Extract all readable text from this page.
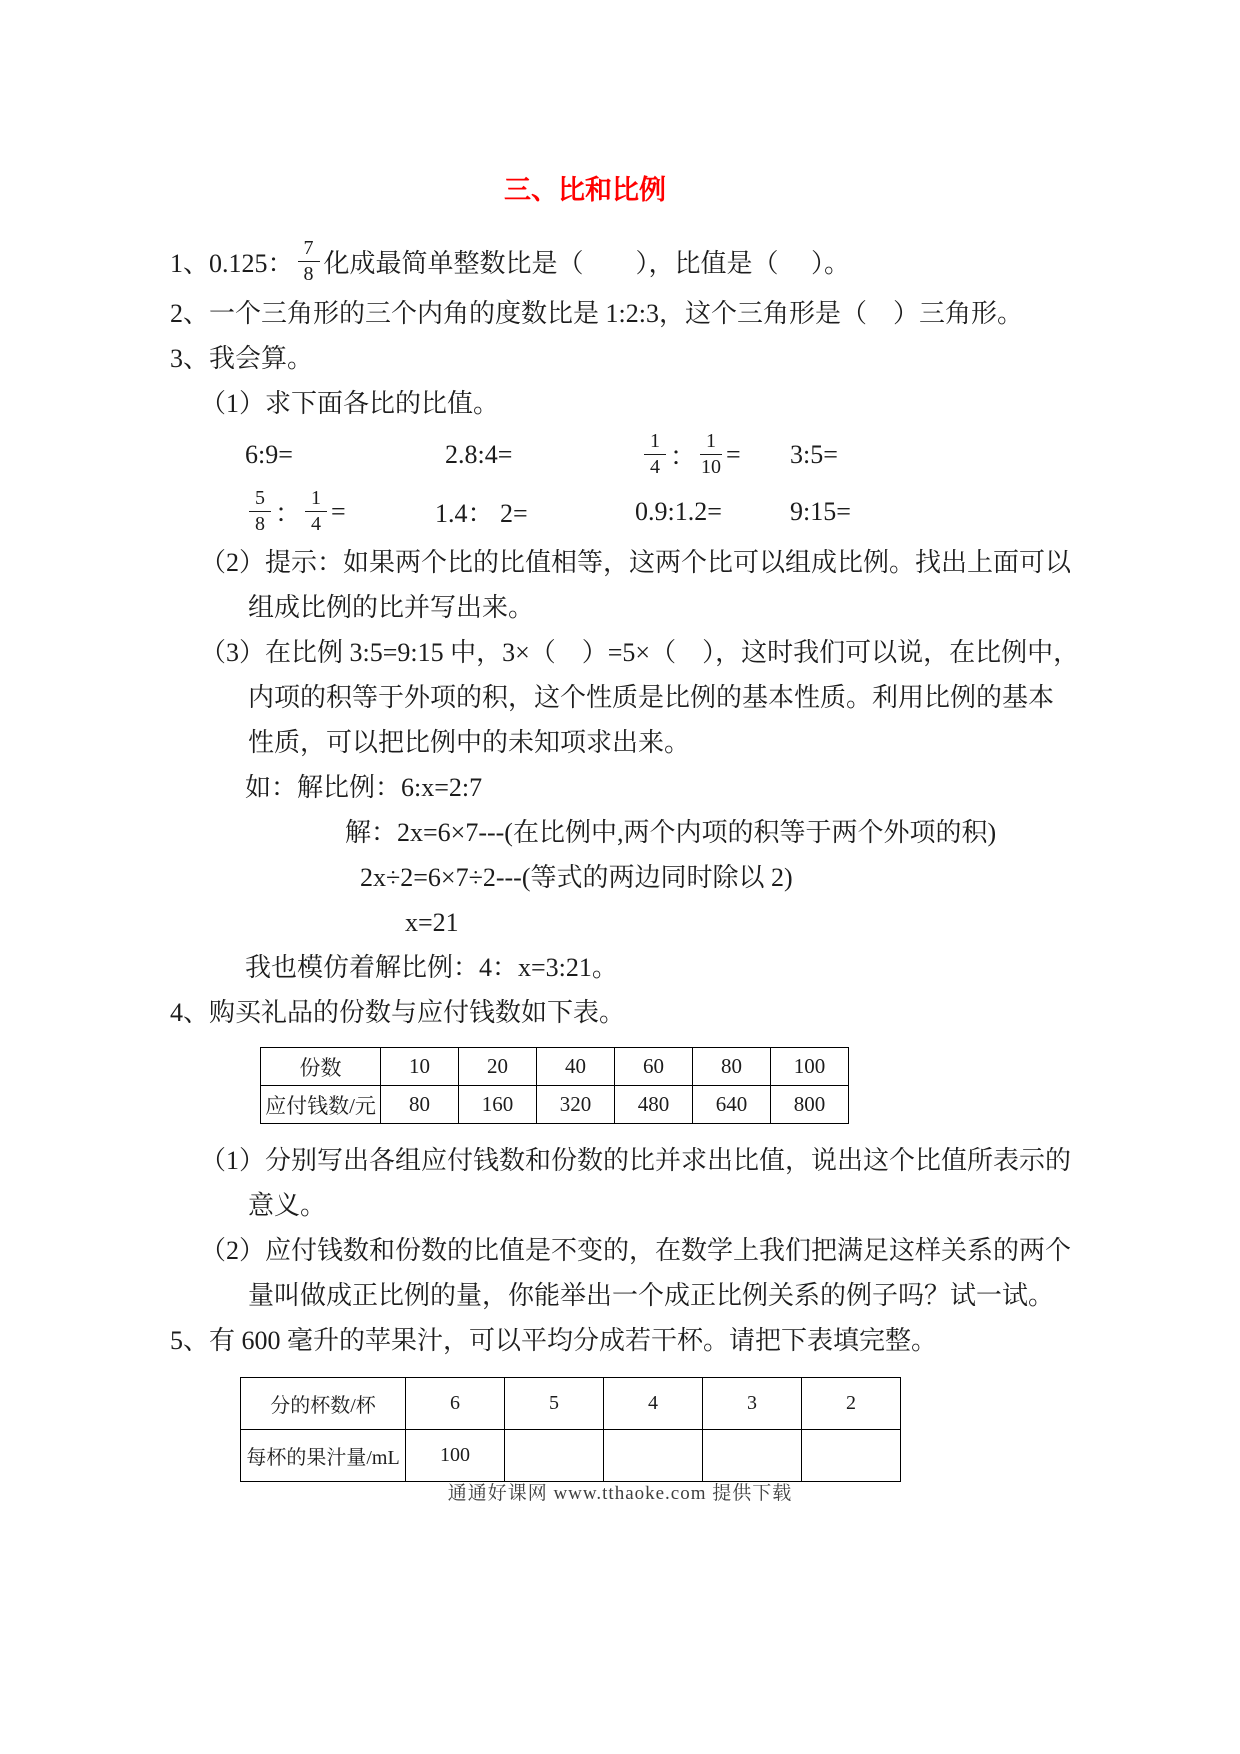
三、比和比例
1、0.125： $\frac{7}{8}$ 化成最简单整数比是（　　），比值是（　 ）。
2、一个三角形的三个内角的度数比是 1:2:3，这个三角形是（　）三角形。
3、我会算。
（1）求下面各比的比值。
6:9=	2.8:4=	$\frac{1}{4}$ ： $\frac{1}{10}$ = 3:5=
$\frac{5}{8}$ ： $\frac{1}{4}$ =	1.4： 2=	0.9:1.2=	9:15=
（2）提示：如果两个比的比值相等，这两个比可以组成比例。找出上面可以
组成比例的比并写出来。
（3）在比例 3:5=9:15 中，3×（　）=5×（　），这时我们可以说，在比例中，
内项的积等于外项的积，这个性质是比例的基本性质。利用比例的基本
性质，可以把比例中的未知项求出来。
如：解比例：6:x=2:7
解：2x=6×7---(在比例中,两个内项的积等于两个外项的积)
2x÷2=6×7÷2---(等式的两边同时除以 2)
x=21
我也模仿着解比例：4：x=3:21。
4、购买礼品的份数与应付钱数如下表。
份数	10	20	40	60	80	100
应付钱数/元	80	160	320	480	640	800
（1）分别写出各组应付钱数和份数的比并求出比值，说出这个比值所表示的
意义。
（2）应付钱数和份数的比值是不变的，在数学上我们把满足这样关系的两个
量叫做成正比例的量，你能举出一个成正比例关系的例子吗？试一试。
5、有 600 毫升的苹果汁，可以平均分成若干杯。请把下表填完整。
分的杯数/杯	6	5	4	3	2
每杯的果汁量/mL	100				
通通好课网 www.tthaoke.com 提供下载
